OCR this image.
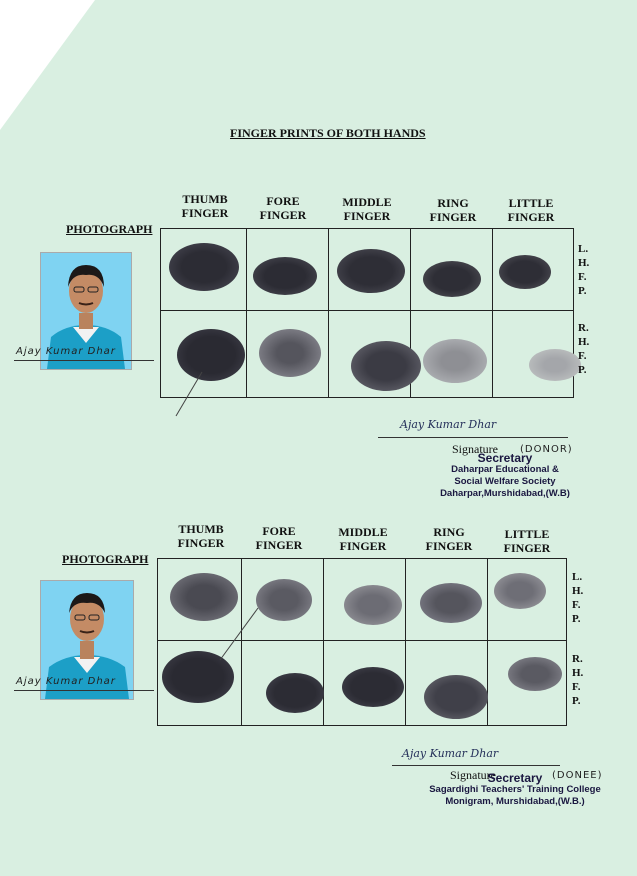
FINGER PRINTS OF BOTH HANDS
THUMB
FINGER
FORE
FINGER
MIDDLE
FINGER
RING
FINGER
LITTLE
FINGER
PHOTOGRAPH
L.
H.
F.
P.
R.
H.
F.
P.
Ajay Kumar Dhar
Ajay Kumar Dhar
Signature (DONOR)
Secretary
Daharpar Educational &
Social Welfare Society
Daharpar,Murshidabad,(W.B)
THUMB
FINGER
FORE
FINGER
MIDDLE
FINGER
RING
FINGER
LITTLE
FINGER
PHOTOGRAPH
L.
H.
F.
P.
R.
H.
F.
P.
Ajay Kumar Dhar
Ajay Kumar Dhar
Signature	(DONEE)
Secretary
Sagardighi Teachers' Training College
Monigram, Murshidabad,(W.B.)
